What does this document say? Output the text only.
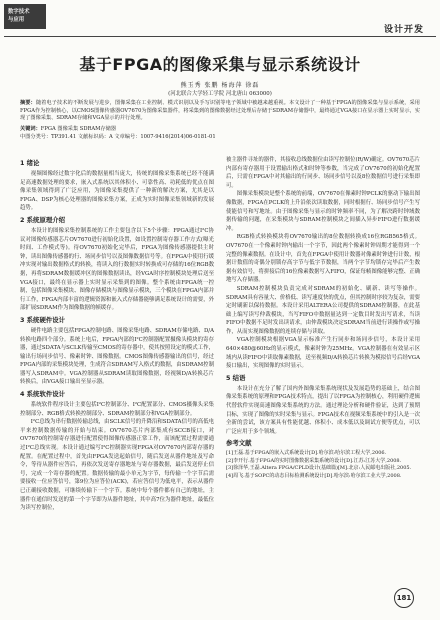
数字技术
与应用
设计开发
基于FPGA的图像采集与显示系统设计
熊玉秀 张鹏 杨海萍 徐磊
(河北联合大学轻工学院 河北唐山 063000)
摘要：随着电子技术的不断发展与进步，图像采集在工业控制、模式识别以及手写识别等电子领域中被越来越重视。本文设计了一种基于FPGA的图像采集与显示系统，采用FPGA作为控制核心，以CMOS图像传感器OV7670为图像采集器件，将采集到的图像数据经过处理后存储于SDRAM存储器中，最终通过VGA接口在显示器上实时显示，实现了图像采集、SDRAM存储和VGA显示的并行处理。
关键词：FPGA 图像采集 SDRAM存储器
中图分类号：TP391.41 文献标识码：A 文章编号：1007-9416(2014)06-0181-01
1 绪论

视频图像经过数字化后的数据量相当庞大，传统的图像采集系统已经不能满足高速数据处理的要求，嵌入式系统以其体积小、可靠性高、功耗低的优点在图像采集领域得到了广泛应用，为图像采集提供了一种新的解决方案，尤其是以FPGA、DSP为核心处理器的图像采集方案，正成为实时图像采集领域新的发展趋势。

2 系统原理介绍

本设计的图像采集控制系统的工作主要包含以下5个步骤：FPGA通过I²C协议对图像传感器芯片OV7670进行初始化设置，如设置控制寄存器工作方式(曝光时间、工作模式等)。待OV7670初始化完毕后，FPGA为图像传感器提供主时钟，读出图像传感器的行、场同步信号以及图像数据信号等。在FPGA中使用行缓冲实现对输出数据格式的转换，将读入的行数据实时转换成可存储的16位RGB数据，再将SDRAM数据缓冲区的图像数据读出，经VGA时序控制模块处理后送至VGA接口，最终在显示器上实时显示采集到的图像。整个系统由FPGA统一控制，包括图像采集模块、图像存储模块与图像显示模块，三个模块在FPGA内部并行工作，FPGA内部丰富的逻辑资源和嵌入式存储器能够满足系统设计的需要，外部扩展SDRAM作为图像数据的帧缓存。

3 系统硬件设计

硬件电路主要包括FPGA控制电路、图像采集电路、SDRAM存储电路、D/A转换电路四个部分。系统上电后，FPGA内部的I²C控制器配置摄像头模块的寄存器，通过SDATA与SCLK传输至CMOS的寄存器中，使其按照设定的模式工作，输出行场同步信号、像素时钟、图像数据。CMOS图像传感器输出的信号，经过FPGA内部的采集模块处理，生成符合SDRAM写入格式的数据，由SDRAM控制器写入SDRAM中。VGA控制器从SDRAM读取图像数据，经视频D/A转换芯片转换后，由VGA接口输出至显示器。

4 系统软件设计

系统软件程序设计主要包括I²C控制部分、I²C配置部分、CMOS摄像头采集控制部分、RGB格式转换控制部分、SDRAM控制部分和VGA控制部分。

I²C总线为串行数据传输总线，由SCLK信号的升降沿和SDATA信号的高低电平来控制数据传输的开始与结束。OV7670芯片内部集成有SCCB接口，对OV7670的控制寄存器进行配置使得图像传感器正常工作，而该配置过程需要通过I²C总线实现。本设计通过编写I²C控制器实现FPGA对OV7670内部寄存器的配置。在配置过程中，首先由FPGA发送起始信号，随后发送从器件地址及写命令，等待从器件应答后，再依次发送寄存器地址与寄存器数据，最后发送停止信号，完成一个寄存器的配置。数据传输的最小单元为字节，每传输一个字节后需要接收一位应答信号，第9位为应答位(ACK)，若应答信号为低电平，表示从器件已正确接收数据，可继续传输下一个字节。系统中每个器件都有自己的地址，主器件在通信时发送的第一个字节即为从器件地址，其中高7位为器件地址，最低位为读写控制位，

被主器件寻址的器件，其接收总线数据位由读写控制位(R/W)确定。OV7670芯片内部有寄存器用于设置输出格式和时钟等参数，当完成了OV7670的初始化配置后，只需在FPGA中对其输出的行同步、场同步信号以及8位数据信号进行采集即可。

图像采集模块是整个系统的前端，OV7670在像素时钟PCLK的驱动下输出图像数据，FPGA在PCLK的上升沿依次读取数据，同时根据行、场同步信号产生写使能信号和写地址。由于图像采集与显示的时钟频率不同，为了解决跨时钟域数据传输的问题，在采集模块与SDRAM控制模块之间插入异步FIFO进行数据缓冲。

RGB格式转换模块将OV7670输出的8位数据转换成16位RGB565格式。OV7670在一个像素时钟内输出一个字节，因此两个像素时钟周期才能得到一个完整的像素数据。在设计中，首先在FPGA中使用计数器对像素时钟进行计数，根据计数值的奇偶分别锁存高字节与低字节数据，当两个字节均锁存完毕后产生数据有效信号，将拼接后的16位像素数据写入FIFO，保证每帧图像能够完整、正确地写入存储器。

SDRAM控制模块负责完成对SDRAM的初始化、刷新、读写等操作。SDRAM具有容量大、价格低、读写速度快的优点，但其控制时序较为复杂，需要定时刷新以保持数据。本设计采用ALTERA公司提供的SDRAM控制器，在此基础上编写读写仲裁模块，当写FIFO中数据量达到一定数目时发出写请求，当读FIFO中数据不足时发出读请求，由仲裁模块决定SDRAM当前进行读操作或写操作，从而实现图像数据的连续存储与读取。

VGA控制模块根据VGA显示标准产生行同步和场同步信号，本设计采用640×480@60Hz的显示模式，像素时钟为25MHz。VGA控制器在有效显示区域内从读FIFO中读取像素数据，送至视频D/A转换芯片转换为模拟信号后经VGA接口输出，实现图像的实时显示。

5 结语

本设计在充分了解了国内外图像采集系统现状及发展趋势的基础上，结合图像采集系统的原理和FPGA技术特点，提出了以FPGA为控制核心，利用硬件逻辑代替软件实现高速图像采集系统的方法。通过理论分析和硬件验证，达到了预期目标，实现了图像的实时采集与显示。FPGA技术在视频采集系统中的引入是一次全新的尝试，该方案具有性能优越、体积小、成本低以及调试方便等优点，可以广泛应用于多个领域。

参考文献

[1]王磊.基于FPGA的嵌入式系统设计[D].哈尔滨:哈尔滨工程大学,2006.

[2]李开行.基于FPGA的实时图像数据采集系统的设计[D].江苏:江苏大学,2008.

[3]徐泽华,王磊.Altera FPGA/CPLD设计(基础篇)[M].北京:人民邮电出版社,2005.

[4]周飞.基于SOPC的动态目标检测系统设计[D].哈尔滨:哈尔滨工业大学,2008.

181
